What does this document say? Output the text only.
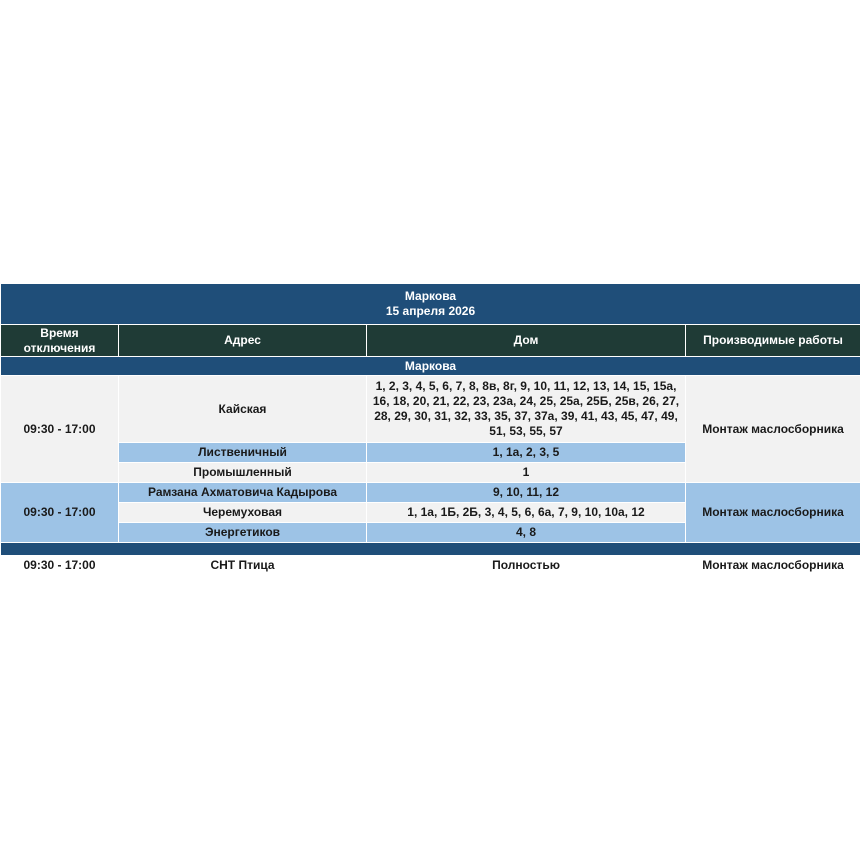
Маркова
15 апреля 2026			

Время отключения	Адрес	Дом	Производимые работы
Маркова			
09:30 - 17:00	Кайская	1, 2, 3, 4, 5, 6, 7, 8, 8в, 8г, 9, 10, 11, 12, 13, 14, 15, 15а, 16, 18, 20, 21, 22, 23, 23а, 24, 25, 25а, 25Б, 25в, 26, 27, 28, 29, 30, 31, 32, 33, 35, 37, 37а, 39, 41, 43, 45, 47, 49, 51, 53, 55, 57	Монтаж маслосборника
	Лиственичный	1, 1а, 2, 3, 5	
	Промышленный	1	
09:30 - 17:00	Рамзана Ахматовича Кадырова	9, 10, 11, 12	Монтаж маслосборника
	Черемуховая	1, 1а, 1Б, 2Б, 3, 4, 5, 6, 6а, 7, 9, 10, 10а, 12	
	Энергетиков	4, 8	

09:30 - 17:00	СНТ Птица	Полностью	Монтаж маслосборника
